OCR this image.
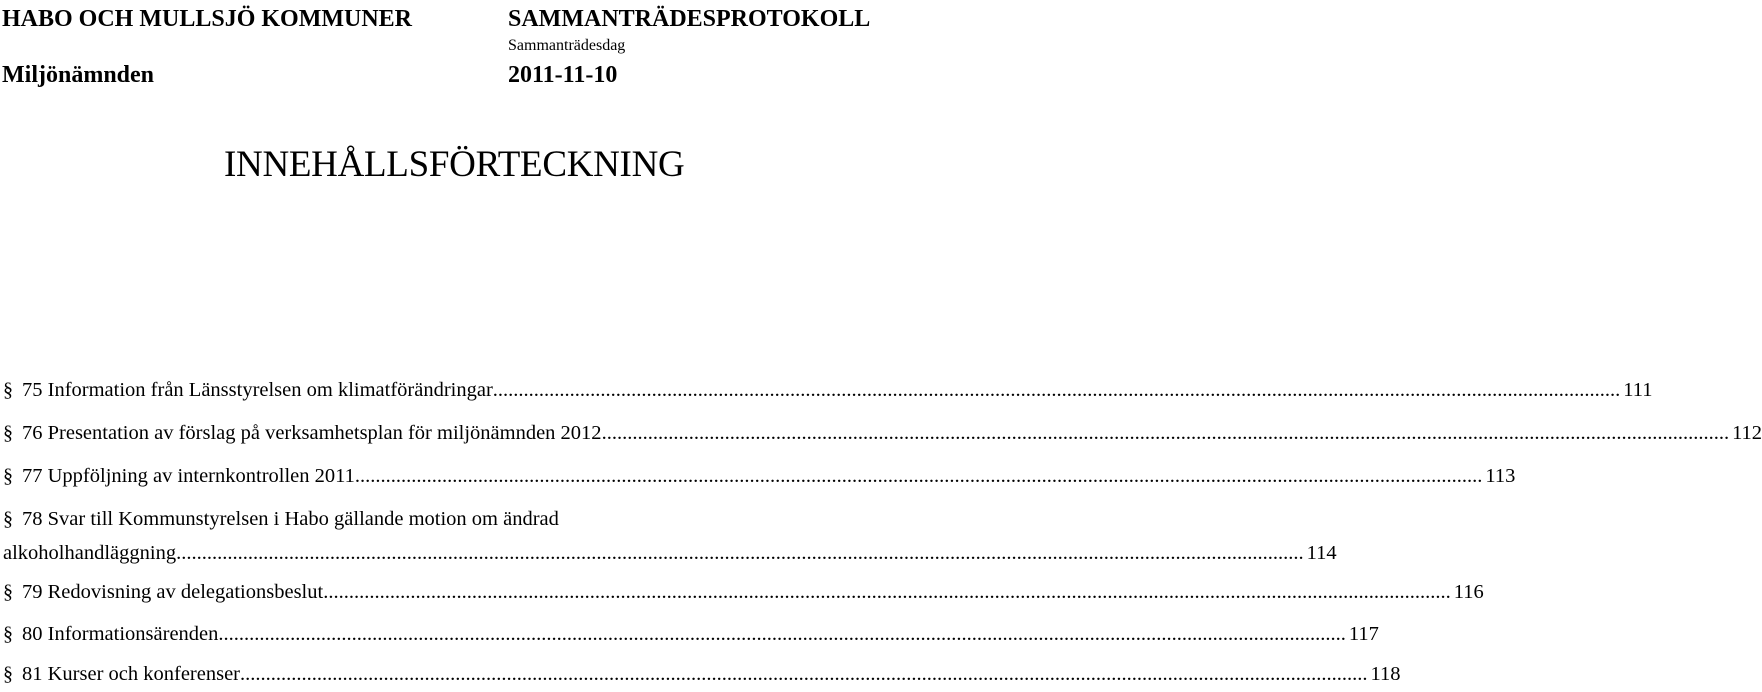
HABO OCH MULLSJÖ KOMMUNER	SAMMANTRÄDESPROTOKOLL
Sammanträdesdag
Miljönämnden	2011-11-10
INNEHÅLLSFÖRTECKNING
§ 75 Information från Länsstyrelsen om klimatförändringar ............................................................................................................................................................................................................................ 111
§ 76 Presentation av förslag på verksamhetsplan för miljönämnden 2012 ............................................................................................................................................................................................................................ 112
§ 77 Uppföljning av internkontrollen 2011 ............................................................................................................................................................................................................................ 113
§ 78 Svar till Kommunstyrelsen i Habo gällande motion om ändrad
alkoholhandläggning ............................................................................................................................................................................................................................ 114
§ 79 Redovisning av delegationsbeslut ............................................................................................................................................................................................................................ 116
§ 80 Informationsärenden ............................................................................................................................................................................................................................ 117
§ 81 Kurser och konferenser ............................................................................................................................................................................................................................ 118
